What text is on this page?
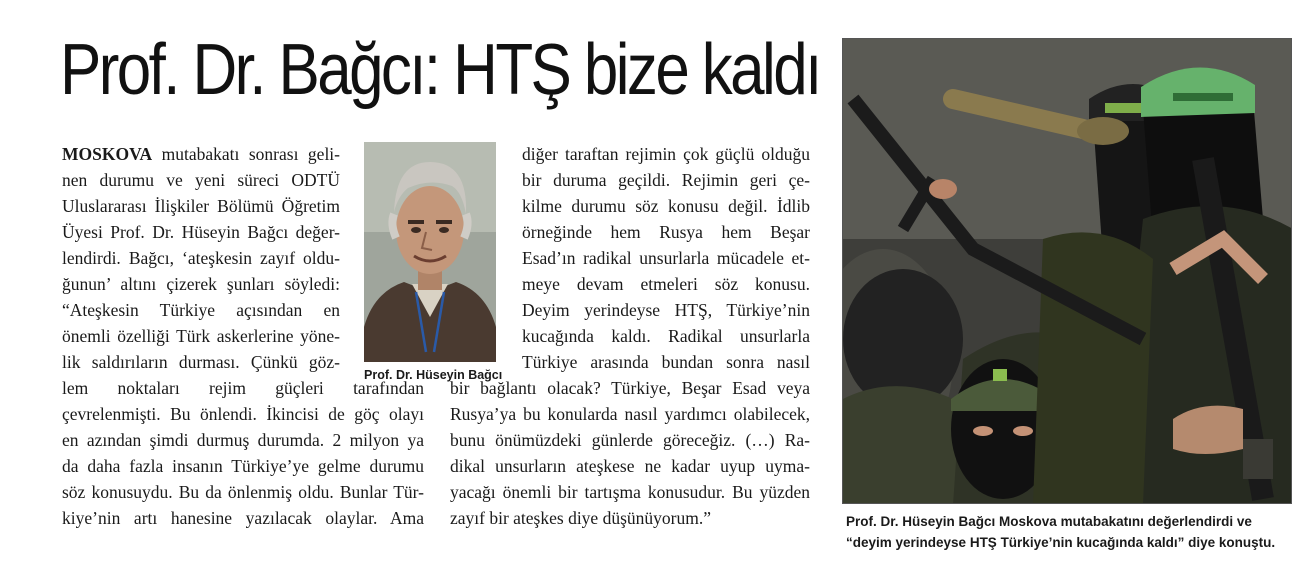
Prof. Dr. Bağcı: HTŞ bize kaldı
MOSKOVA mutabakatı sonrası geli-
nen durumu ve yeni süreci ODTÜ
Uluslararası İlişkiler Bölümü Öğretim
Üyesi Prof. Dr. Hüseyin Bağcı değer-
lendirdi. Bağcı, ‘ateşkesin zayıf oldu-
ğunun’ altını çizerek şunları söyledi:
“Ateşkesin Türkiye açısından en
önemli özelliği Türk askerlerine yöne-
lik saldırıların durması. Çünkü göz-
lem noktaları rejim güçleri tarafından
çevrelenmişti. Bu önlendi. İkincisi de göç olayı
en azından şimdi durmuş durumda. 2 milyon ya
da daha fazla insanın Türkiye’ye gelme durumu
söz konusuydu. Bu da önlenmiş oldu. Bunlar Tür-
kiye’nin artı hanesine yazılacak olaylar. Ama
diğer taraftan rejimin çok güçlü olduğu
bir duruma geçildi. Rejimin geri çe-
kilme durumu söz konusu değil. İdlib
örneğinde hem Rusya hem Beşar
Esad’ın radikal unsurlarla mücadele et-
meye devam etmeleri söz konusu.
Deyim yerindeyse HTŞ, Türkiye’nin
kucağında kaldı. Radikal unsurlarla
Türkiye arasında bundan sonra nasıl
bir bağlantı olacak? Türkiye, Beşar Esad veya
Rusya’ya bu konularda nasıl yardımcı olabilecek,
bunu önümüzdeki günlerde göreceğiz. (…) Ra-
dikal unsurların ateşkese ne kadar uyup uyma-
yacağı önemli bir tartışma konusudur. Bu yüzden
zayıf bir ateşkes diye düşünüyorum.”
Prof. Dr. Hüseyin Bağcı
Prof. Dr. Hüseyin Bağcı Moskova mutabakatını değerlendirdi ve
“deyim yerindeyse HTŞ Türkiye’nin kucağında kaldı” diye konuştu.
